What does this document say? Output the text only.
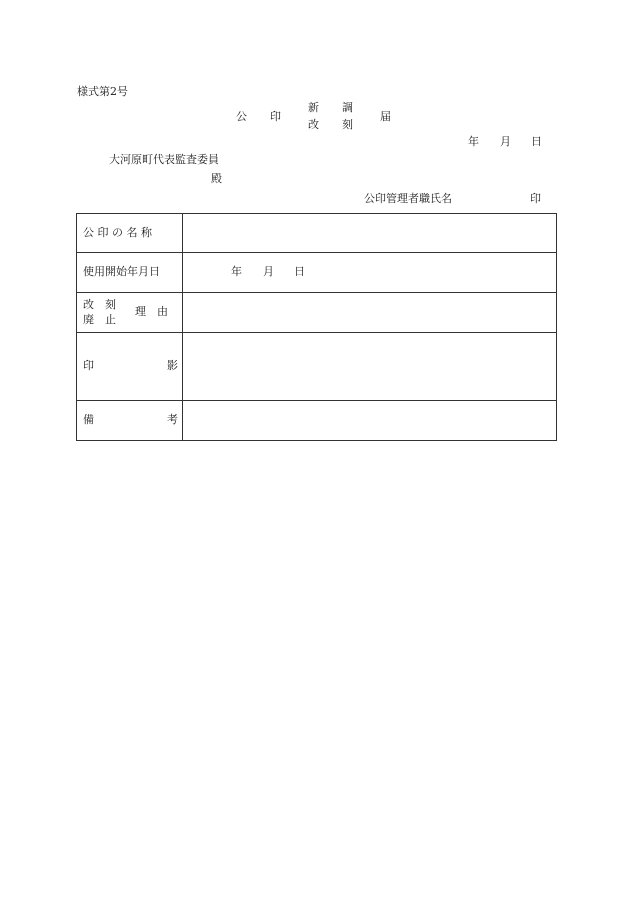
様式第2号
公 印
新 調
改 刻
届
年 月 日
大河原町代表監査委員
殿
公印管理者職氏名	印
公 印 の 名 称	

使用開始年月日	年 月 日

改　刻
廃　止
理　由	

印 影	

備 考	
